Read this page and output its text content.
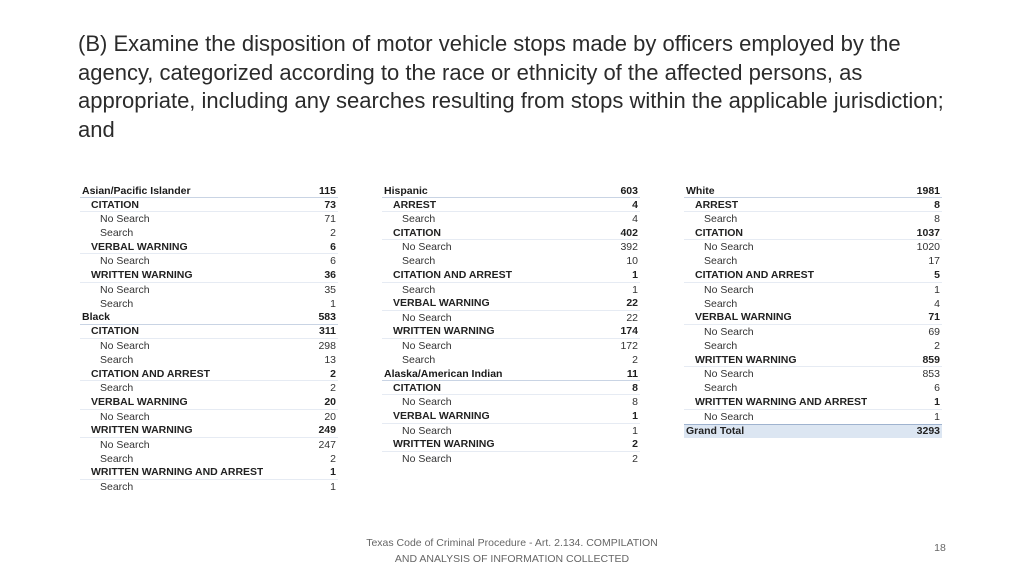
(B) Examine the disposition of motor vehicle stops made by officers employed by the agency, categorized according to the race or ethnicity of the affected persons, as appropriate, including any searches resulting from stops within the applicable jurisdiction; and
Asian/Pacific Islander	115
CITATION	73
No Search	71
Search	2
VERBAL WARNING	6
No Search	6
WRITTEN WARNING	36
No Search	35
Search	1
Black	583
CITATION	311
No Search	298
Search	13
CITATION AND ARREST	2
Search	2
VERBAL WARNING	20
No Search	20
WRITTEN WARNING	249
No Search	247
Search	2
WRITTEN WARNING AND ARREST	1
Search	1
Hispanic	603
ARREST	4
Search	4
CITATION	402
No Search	392
Search	10
CITATION AND ARREST	1
Search	1
VERBAL WARNING	22
No Search	22
WRITTEN WARNING	174
No Search	172
Search	2
Alaska/American Indian	11
CITATION	8
No Search	8
VERBAL WARNING	1
No Search	1
WRITTEN WARNING	2
No Search	2
White	1981
ARREST	8
Search	8
CITATION	1037
No Search	1020
Search	17
CITATION AND ARREST	5
No Search	1
Search	4
VERBAL WARNING	71
No Search	69
Search	2
WRITTEN WARNING	859
No Search	853
Search	6
WRITTEN WARNING AND ARREST	1
No Search	1
Grand Total	3293
Texas Code of Criminal Procedure - Art. 2.134. COMPILATION
AND ANALYSIS OF INFORMATION COLLECTED
18
